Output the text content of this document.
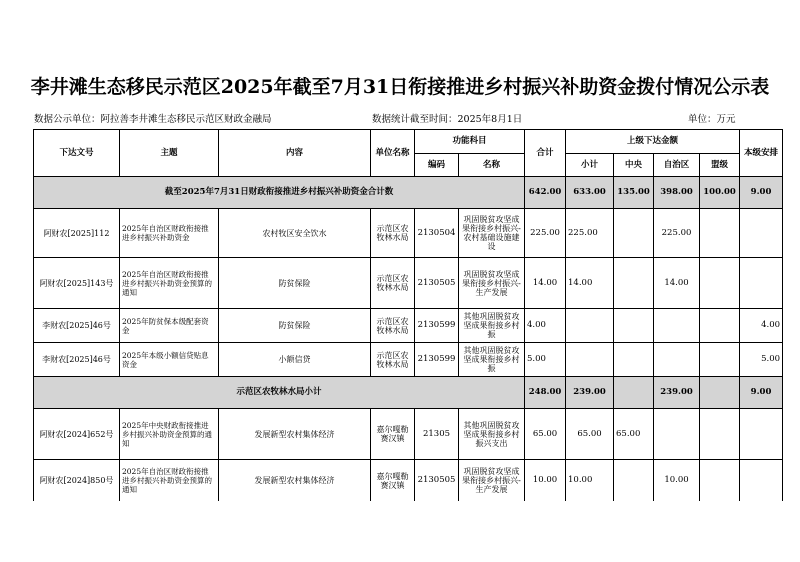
李井滩生态移民示范区2025年截至7月31日衔接推进乡村振兴补助资金拨付情况公示表
数据公示单位：阿拉善李井滩生态移民示范区财政金融局	数据统计截至时间：2025年8月1日	单位：万元
下达文号	主题	内容	单位名称	功能科目		合计	上级下达金额				本级安排
				编码	名称		小计	中央	自治区	盟级	
截至2025年7月31日财政衔接推进乡村振兴补助资金合计数						642.00	633.00	135.00	398.00	100.00	9.00
阿财农[2025]112	2025年自治区财政衔接推进乡村振兴补助资金	农村牧区安全饮水	示范区农牧林水局	2130504	巩固脱贫攻坚成果衔接乡村振兴-农村基础设施建设	225.00	225.00		225.00		
阿财农[2025]143号	2025年自治区财政衔接推进乡村振兴补助资金预算的通知	防贫保险	示范区农牧林水局	2130505	巩固脱贫攻坚成果衔接乡村振兴-生产发展	14.00	14.00		14.00		
李财农[2025]46号	2025年防贫保本级配套资金	防贫保险	示范区农牧林水局	2130599	其他巩固脱贫攻坚成果衔接乡村振	4.00					4.00
李财农[2025]46号	2025年本级小额信贷贴息资金	小额信贷	示范区农牧林水局	2130599	其他巩固脱贫攻坚成果衔接乡村振	5.00					5.00
示范区农牧林水局小计						248.00	239.00		239.00		9.00
阿财农[2024]652号	2025年中央财政衔接推进乡村振兴补助资金预算的通知	发展新型农村集体经济	嘉尔嘎勒赛汉镇	21305	其他巩固脱贫攻坚成果衔接乡村振兴支出	65.00	65.00	65.00			
阿财农[2024]850号	2025年自治区财政衔接推进乡村振兴补助资金预算的通知	发展新型农村集体经济	嘉尔嘎勒赛汉镇	2130505	巩固脱贫攻坚成果衔接乡村振兴-生产发展	10.00	10.00		10.00		
